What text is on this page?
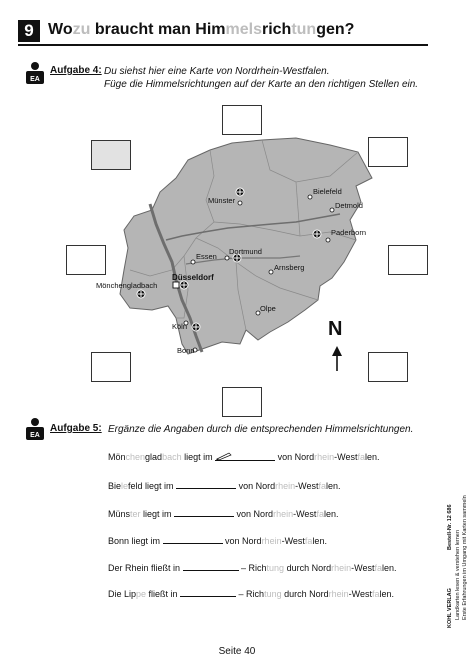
9 Wozu braucht man Himmelsrichtungen?
EA
Aufgabe 4: Du siehst hier eine Karte von Nordrhein-Westfalen.
Füge die Himmelsrichtungen auf der Karte an den richtigen Stellen ein.
N
Bielefeld
Detmold
Münster
Paderborn
Dortmund
Essen
Düsseldorf
Arnsberg
Mönchengladbach
Olpe
Köln
Bonn
EA
Aufgabe 5: Ergänze die Angaben durch die entsprechenden Himmelsrichtungen.
Mönchengladbach liegt im	von Nordrhein-Westfalen.
Bielefeld liegt im	von Nordrhein-Westfalen.
Münster liegt im	von Nordrhein-Westfalen.
Bonn liegt im	von Nordrhein-Westfalen.
Der Rhein fließt in	– Richtung durch Nordrhein-Westfalen.
Die Lippe fließt in	– Richtung durch Nordrhein-Westfalen.
Bestell-Nr. 12 686
Landkarten lesen & verstehen lernen Erste Erfahrungen im Umgang mit Karten sammeln
KOHL VERLAG
Seite 40
